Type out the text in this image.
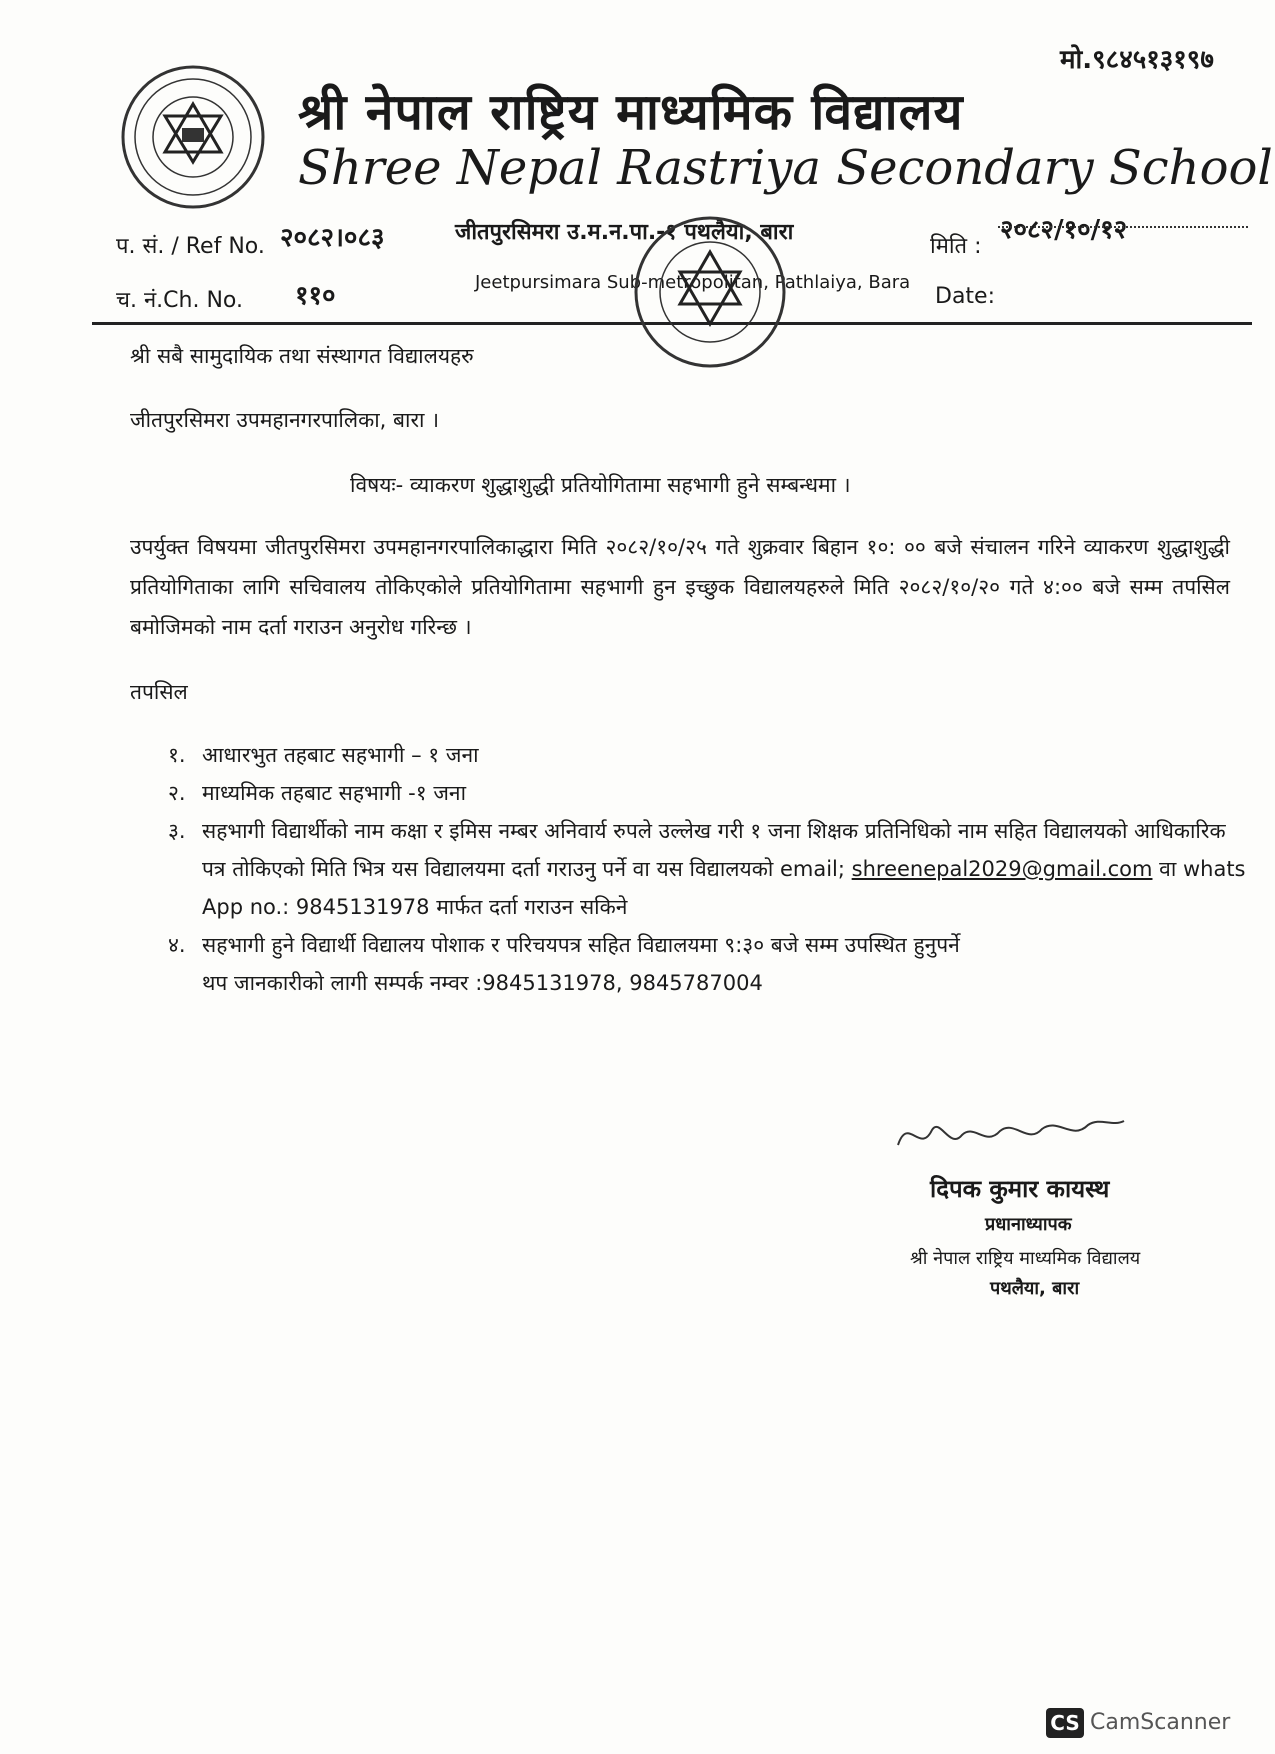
मो.९८४५१३१९७
श्री नेपाल राष्ट्रिय माध्यमिक विद्यालय
Shree Nepal Rastriya Secondary School
प. सं. / Ref No. २०८२।०८३	जीतपुरसिमरा उ.म.न.पा.-१ पथलैया, बारा
मिति :
२०८२/१०/१२
च. नं.Ch. No. ११०	Jeetpursimara Sub-metropolitan, Pathlaiya, Bara
Date:
श्री सबै सामुदायिक तथा संस्थागत विद्यालयहरु
जीतपुरसिमरा उपमहानगरपालिका, बारा ।
विषयः- व्याकरण शुद्धाशुद्धी प्रतियोगितामा सहभागी हुने सम्बन्धमा ।
उपर्युक्त विषयमा जीतपुरसिमरा उपमहानगरपालिकाद्धारा मिति २०८२/१०/२५ गते शुक्रवार बिहान १०: ०० बजे संचालन गरिने व्याकरण शुद्धाशुद्धी प्रतियोगिताका लागि सचिवालय तोकिएकोले प्रतियोगितामा सहभागी हुन इच्छुक विद्यालयहरुले मिति २०८२/१०/२० गते ४:०० बजे सम्म तपसिल बमोजिमको नाम दर्ता गराउन अनुरोध गरिन्छ ।
तपसिल
१. आधारभुत तहबाट सहभागी – १ जना
२. माध्यमिक तहबाट सहभागी -१ जना
३. सहभागी विद्यार्थीको नाम कक्षा र इमिस नम्बर अनिवार्य रुपले उल्लेख गरी १ जना शिक्षक प्रतिनिधिको नाम सहित विद्यालयको आधिकारिक पत्र तोकिएको मिति भित्र यस विद्यालयमा दर्ता गराउनु पर्ने वा यस विद्यालयको email; shreenepal2029@gmail.com वा whats App no.: 9845131978 मार्फत दर्ता गराउन सकिने
४. सहभागी हुने विद्यार्थी विद्यालय पोशाक र परिचयपत्र सहित विद्यालयमा ९:३० बजे सम्म उपस्थित हुनुपर्ने
थप जानकारीको लागी सम्पर्क नम्वर :9845131978, 9845787004
दिपक कुमार कायस्थ
प्रधानाध्यापक
श्री नेपाल राष्ट्रिय माध्यमिक विद्यालय
पथलैया, बारा
CS CamScanner
